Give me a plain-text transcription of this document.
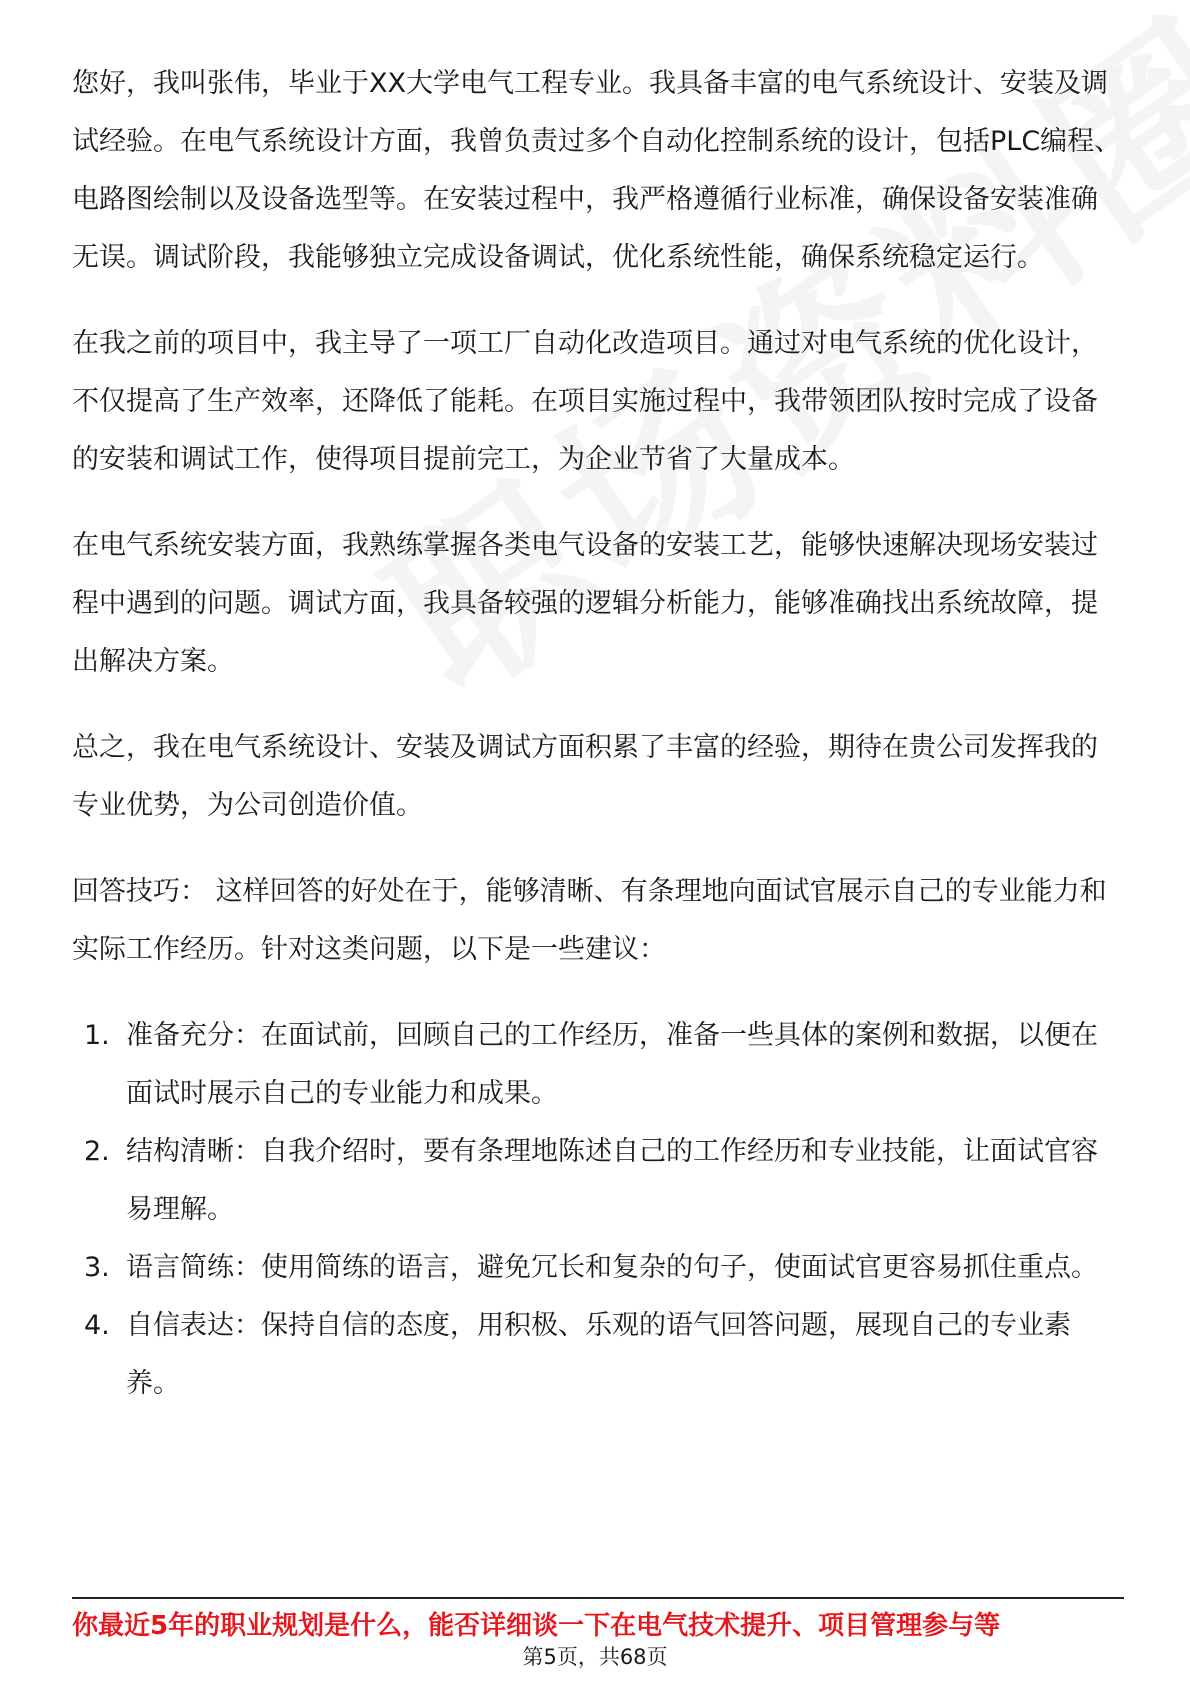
您好，我叫张伟，毕业于XX大学电气工程专业。我具备丰富的电气系统设计、安装及调试经验。在电气系统设计方面，我曾负责过多个自动化控制系统的设计，包括PLC编程、电路图绘制以及设备选型等。在安装过程中，我严格遵循行业标准，确保设备安装准确无误。调试阶段，我能够独立完成设备调试，优化系统性能，确保系统稳定运行。

在我之前的项目中，我主导了一项工厂自动化改造项目。通过对电气系统的优化设计，不仅提高了生产效率，还降低了能耗。在项目实施过程中，我带领团队按时完成了设备的安装和调试工作，使得项目提前完工，为企业节省了大量成本。

在电气系统安装方面，我熟练掌握各类电气设备的安装工艺，能够快速解决现场安装过程中遇到的问题。调试方面，我具备较强的逻辑分析能力，能够准确找出系统故障，提出解决方案。

总之，我在电气系统设计、安装及调试方面积累了丰富的经验，期待在贵公司发挥我的专业优势，为公司创造价值。

回答技巧： 这样回答的好处在于，能够清晰、有条理地向面试官展示自己的专业能力和实际工作经历。针对这类问题，以下是一些建议：

1. 准备充分：在面试前，回顾自己的工作经历，准备一些具体的案例和数据，以便在面试时展示自己的专业能力和成果。
2. 结构清晰：自我介绍时，要有条理地陈述自己的工作经历和专业技能，让面试官容易理解。
3. 语言简练：使用简练的语言，避免冗长和复杂的句子，使面试官更容易抓住重点。
4. 自信表达：保持自信的态度，用积极、乐观的语气回答问题，展现自己的专业素养。
你最近5年的职业规划是什么，能否详细谈一下在电气技术提升、项目管理参与等
第5页，共68页
